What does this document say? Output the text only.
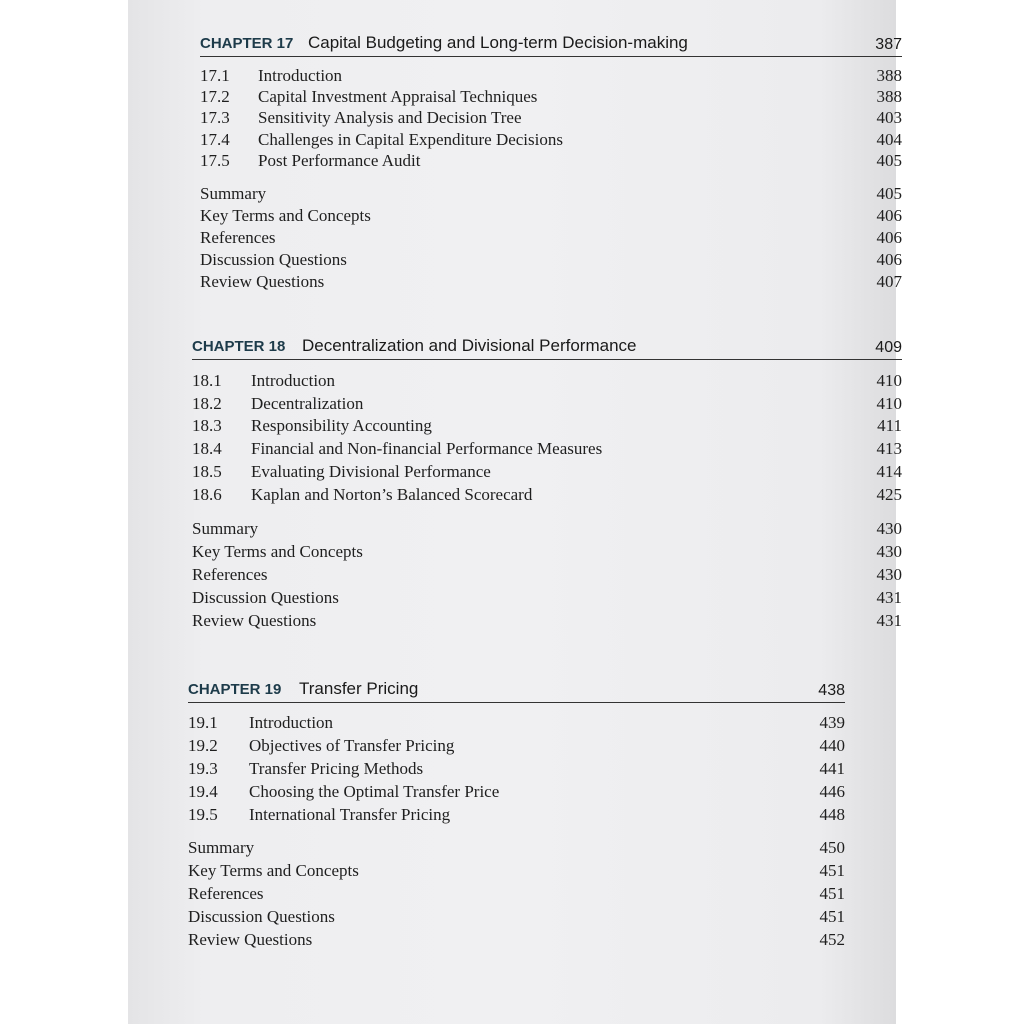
CHAPTER 17 Capital Budgeting and Long-term Decision-making	387
17.1 Introduction	388
17.2 Capital Investment Appraisal Techniques	388
17.3 Sensitivity Analysis and Decision Tree	403
17.4 Challenges in Capital Expenditure Decisions	404
17.5 Post Performance Audit	405
Summary	405
Key Terms and Concepts	406
References	406
Discussion Questions	406
Review Questions	407
CHAPTER 18 Decentralization and Divisional Performance	409
18.1 Introduction	410
18.2 Decentralization	410
18.3 Responsibility Accounting	411
18.4 Financial and Non-financial Performance Measures	413
18.5 Evaluating Divisional Performance	414
18.6 Kaplan and Norton’s Balanced Scorecard	425
Summary	430
Key Terms and Concepts	430
References	430
Discussion Questions	431
Review Questions	431
CHAPTER 19 Transfer Pricing	438
19.1 Introduction	439
19.2 Objectives of Transfer Pricing	440
19.3 Transfer Pricing Methods	441
19.4 Choosing the Optimal Transfer Price	446
19.5 International Transfer Pricing	448
Summary	450
Key Terms and Concepts	451
References	451
Discussion Questions	451
Review Questions	452
